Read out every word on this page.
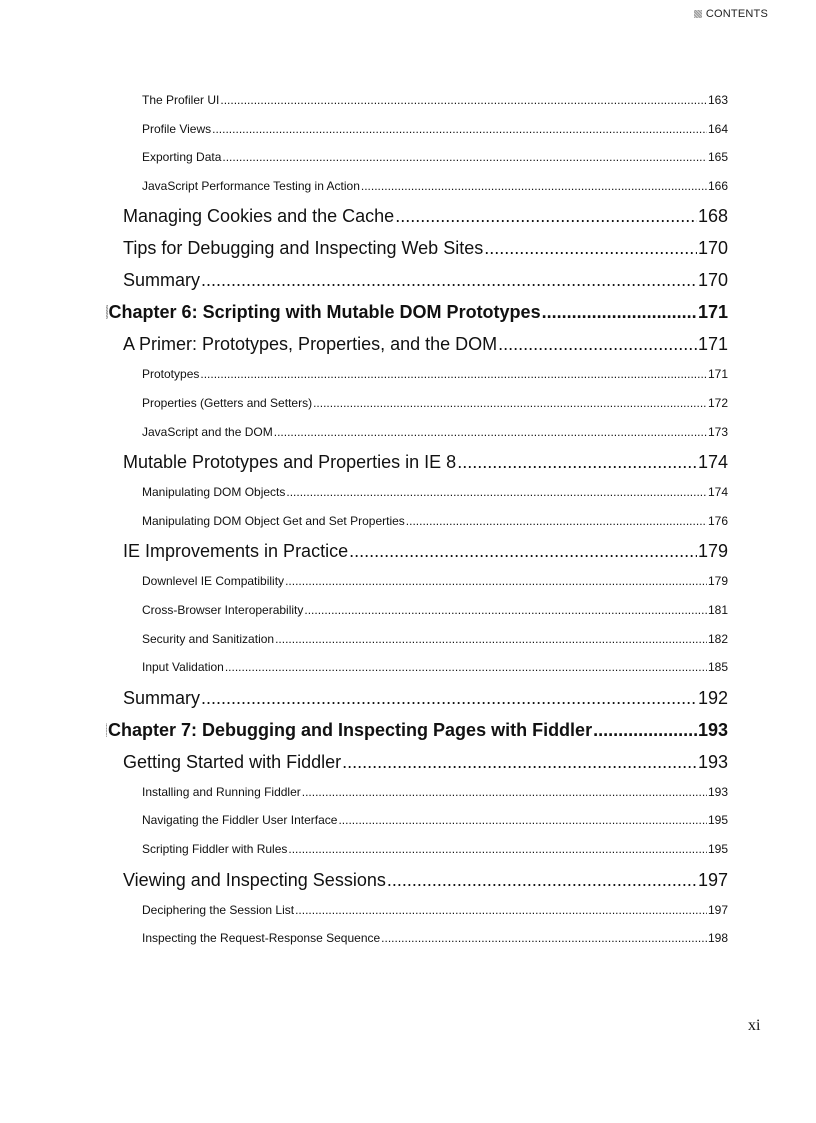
CONTENTS
The Profiler UI .....	163
Profile Views .....	164
Exporting Data .....	165
JavaScript Performance Testing in Action .....	166
Managing Cookies and the Cache .....	168
Tips for Debugging and Inspecting Web Sites .....	170
Summary .....	170
Chapter 6: Scripting with Mutable DOM Prototypes .....	171
A Primer: Prototypes, Properties, and the DOM .....	171
Prototypes .....	171
Properties (Getters and Setters) .....	172
JavaScript and the DOM .....	173
Mutable Prototypes and Properties in IE 8 .....	174
Manipulating DOM Objects .....	174
Manipulating DOM Object Get and Set Properties .....	176
IE Improvements in Practice .....	179
Downlevel IE Compatibility .....	179
Cross-Browser Interoperability .....	181
Security and Sanitization .....	182
Input Validation .....	185
Summary .....	192
Chapter 7: Debugging and Inspecting Pages with Fiddler .....	193
Getting Started with Fiddler .....	193
Installing and Running Fiddler .....	193
Navigating the Fiddler User Interface .....	195
Scripting Fiddler with Rules .....	195
Viewing and Inspecting Sessions .....	197
Deciphering the Session List .....	197
Inspecting the Request-Response Sequence .....	198
xi
